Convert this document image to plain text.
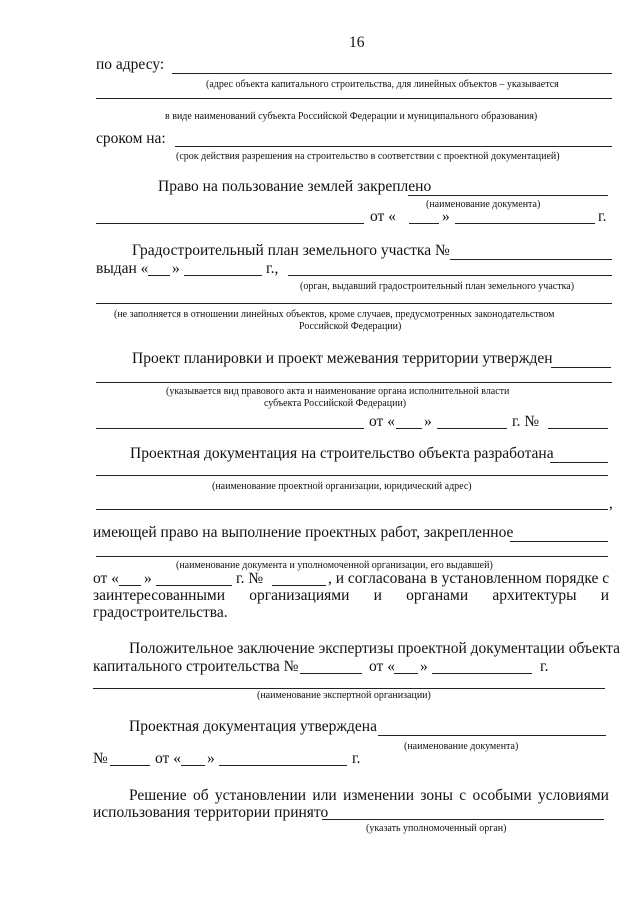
16
по адресу:
(адрес объекта капитального строительства, для линейных объектов – указывается
в виде наименований субъекта Российской Федерации и муниципального образования)
сроком на:
(срок действия разрешения на строительство в соответствии с проектной документацией)
Право на пользование землей закреплено
(наименование документа)
от «	»	г.
Градостроительный план земельного участка №
выдан « »	г.,
(орган, выдавший градостроительный план земельного участка)
(не заполняется в отношении линейных объектов, кроме случаев, предусмотренных законодательством
Российской Федерации)
Проект планировки и проект межевания территории утвержден
(указывается вид правового акта и наименование органа исполнительной власти
субъекта Российской Федерации)
от « »	г. №
Проектная документация на строительство объекта разработана
(наименование проектной организации, юридический адрес)
,
имеющей право на выполнение проектных работ, закрепленное
(наименование документа и уполномоченной организации, его выдавшей)
от « »	г. №	, и согласована в установленном порядке с
заинтересованными организациями и органами архитектуры и
градостроительства.
Положительное заключение экспертизы проектной документации объекта
капитального строительства №	от « »	г.
(наименование экспертной организации)
Проектная документация утверждена
(наименование документа)
№	от « »	г.
Решение об установлении или изменении зоны с особыми условиями
использования территории принято
(указать уполномоченный орган)
